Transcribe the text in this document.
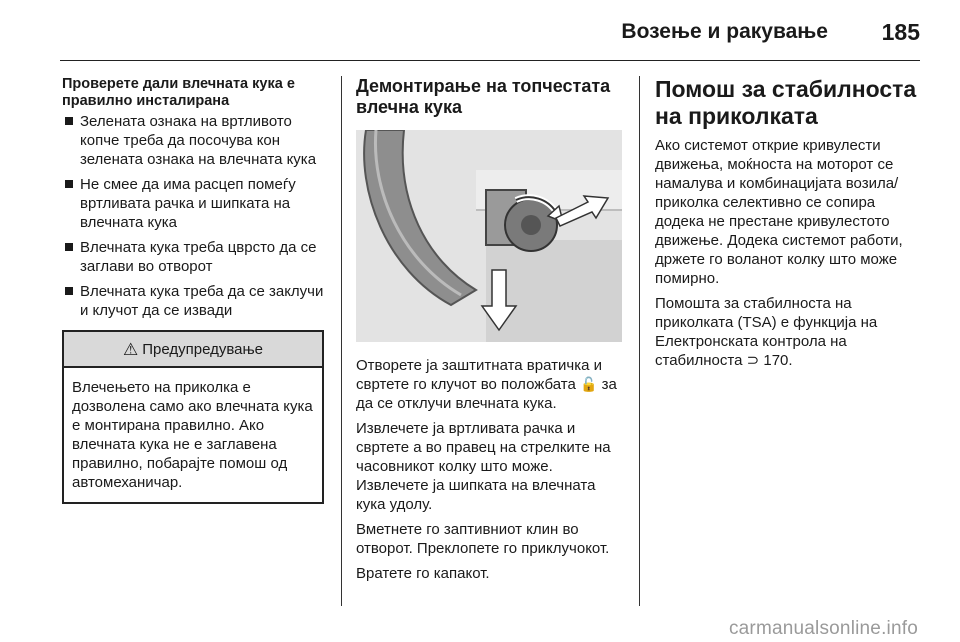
Возење и ракување 185
Проверете дали влечната кука е правилно инсталирана
Зелената ознака на вртливото копче треба да посочува кон зелената ознака на влечната кука
Не смее да има расцеп помеѓу вртливата рачка и шипката на влечната кука
Влечната кука треба цврсто да се заглави во отворот
Влечната кука треба да се заклучи и клучот да се извади
⚠ Предупредување
Влечењето на приколка е дозволена само ако влечната кука е монтирана правилно. Ако влечната кука не е заглавена правилно, побарајте помош од автомеханичар.
Демонтирање на топчестата влечна кука

Отворете ја заштитната вратичка и свртете го клучот во положбата 🔓 за да се отклучи влечната кука.

Извлечете ја вртливата рачка и свртете а во правец на стрелките на часовникот колку што може. Извлечете ја шипката на влечната кука удолу.

Вметнете го заптивниот клин во отворот. Преклопете го приклучокот.

Вратете го капакот.

Помош за стабилноста на приколката

Ако системот открие кривулести движења, моќноста на моторот се намалува и комбинацијата возила/ приколка селективно се сопира додека не престане кривулестото движење. Додека системот работи, држете го воланот колку што може помирно.

Помошта за стабилноста на приколката (TSA) е функција на Електронската контрола на стабилноста ⊃ 170.

carmanualsonline.info
